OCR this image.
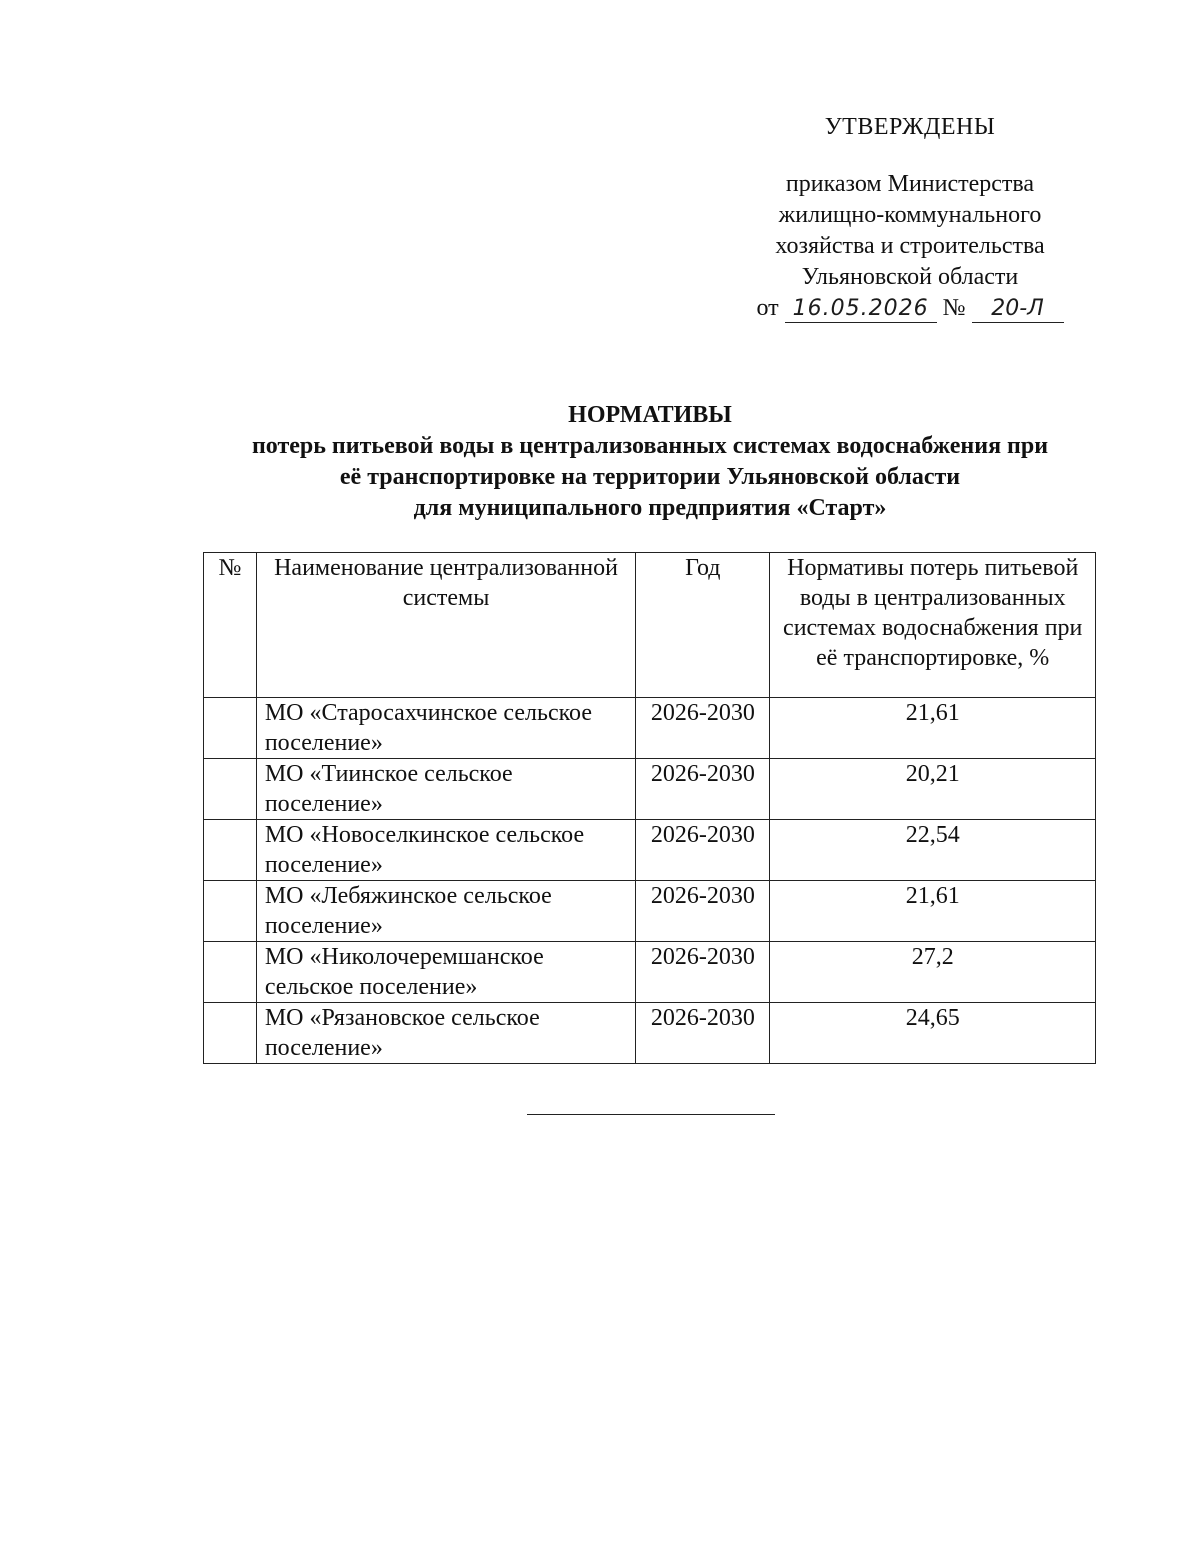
УТВЕРЖДЕНЫ
приказом Министерства
жилищно-коммунального
хозяйства и строительства
Ульяновской области
от 16.05.2026 № 20-Л
НОРМАТИВЫ
потерь питьевой воды в централизованных системах водоснабжения при
её транспортировке на территории Ульяновской области
для муниципального предприятия «Старт»
№	Наименование централизованной системы	Год	Нормативы потерь питьевой воды в централизованных системах водоснабжения при её транспортировке, %
	МО «Старосахчинское сельское поселение»	2026-2030	21,61
	МО «Тиинское сельское поселение»	2026-2030	20,21
	МО «Новоселкинское сельское поселение»	2026-2030	22,54
	МО «Лебяжинское сельское поселение»	2026-2030	21,61
	МО «Николочеремшанское сельское поселение»	2026-2030	27,2
	МО «Рязановское сельское поселение»	2026-2030	24,65
